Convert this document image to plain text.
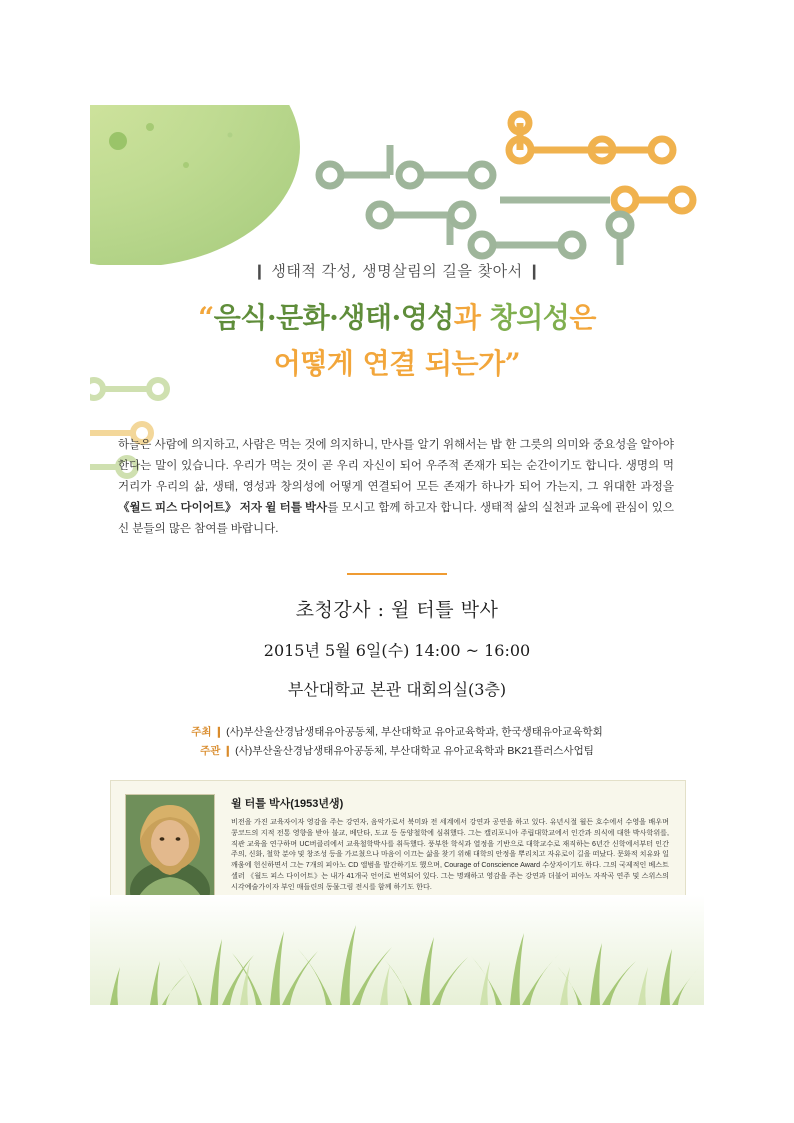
❙ 생태적 각성, 생명살림의 길을 찾아서 ❙
“음식·문화·생태·영성과 창의성은
어떻게 연결 되는가”
하늘은 사람에 의지하고, 사람은 먹는 것에 의지하니, 만사를 알기 위해서는 밥 한 그릇의 의미와 중요성을 알아야 한다는 말이 있습니다. 우리가 먹는 것이 곧 우리 자신이 되어 우주적 존재가 되는 순간이기도 합니다. 생명의 먹거리가 우리의 삶, 생태, 영성과 창의성에 어떻게 연결되어 모든 존재가 하나가 되어 가는지, 그 위대한 과정을 《월드 피스 다이어트》 저자 윌 터틀 박사를 모시고 함께 하고자 합니다. 생태적 삶의 실천과 교육에 관심이 있으신 분들의 많은 참여를 바랍니다.
초청강사 : 윌 터틀 박사
2015년 5월 6일(수) 14:00 ~ 16:00
부산대학교 본관 대회의실(3층)
주최 ❙ (사)부산울산경남생태유아공동체, 부산대학교 유아교육학과, 한국생태유아교육학회
주관 ❙ (사)부산울산경남생태유아공동체, 부산대학교 유아교육학과 BK21플러스사업팀
윌 터틀 박사(1953년생)
비전을 가진 교육자이자 영감을 주는 강연자, 음악가로서 북미와 전 세계에서 강연과 공연을 하고 있다. 유년시절 월든 호수에서 수영을 배우며 콩코드의 지적 전통 영향을 받아 불교, 베단타, 도교 등 동양철학에 심취했다. 그는 캘리포니아 주립대학교에서 인간과 의식에 대한 박사학위를, 직관 교육을 연구하며 UC버클리에서 교육철학박사를 취득했다. 풍부한 학식과 열정을 기반으로 대학교수로 재직하는 6년간 신학에서부터 인간주의, 신화, 철학 분야 및 창조성 등을 가르쳤으나 마음이 이끄는 삶을 찾기 위해 대학의 안정을 뿌리치고 자유로이 길을 떠났다. 문화적 치유와 일깨움에 헌신하면서 그는 7개의 피아노 CD 앨범을 발간하기도 했으며, Courage of Conscience Award 수상자이기도 하다. 그의 국제적인 베스트셀러 《월드 피스 다이어트》는 내가 41개국 언어로 번역되어 있다. 그는 명쾌하고 영감을 주는 강연과 더불어 피아노 자작곡 연주 및 스위스의 시각예술가이자 부인 매들린의 동물그림 전시를 함께 하기도 한다.
